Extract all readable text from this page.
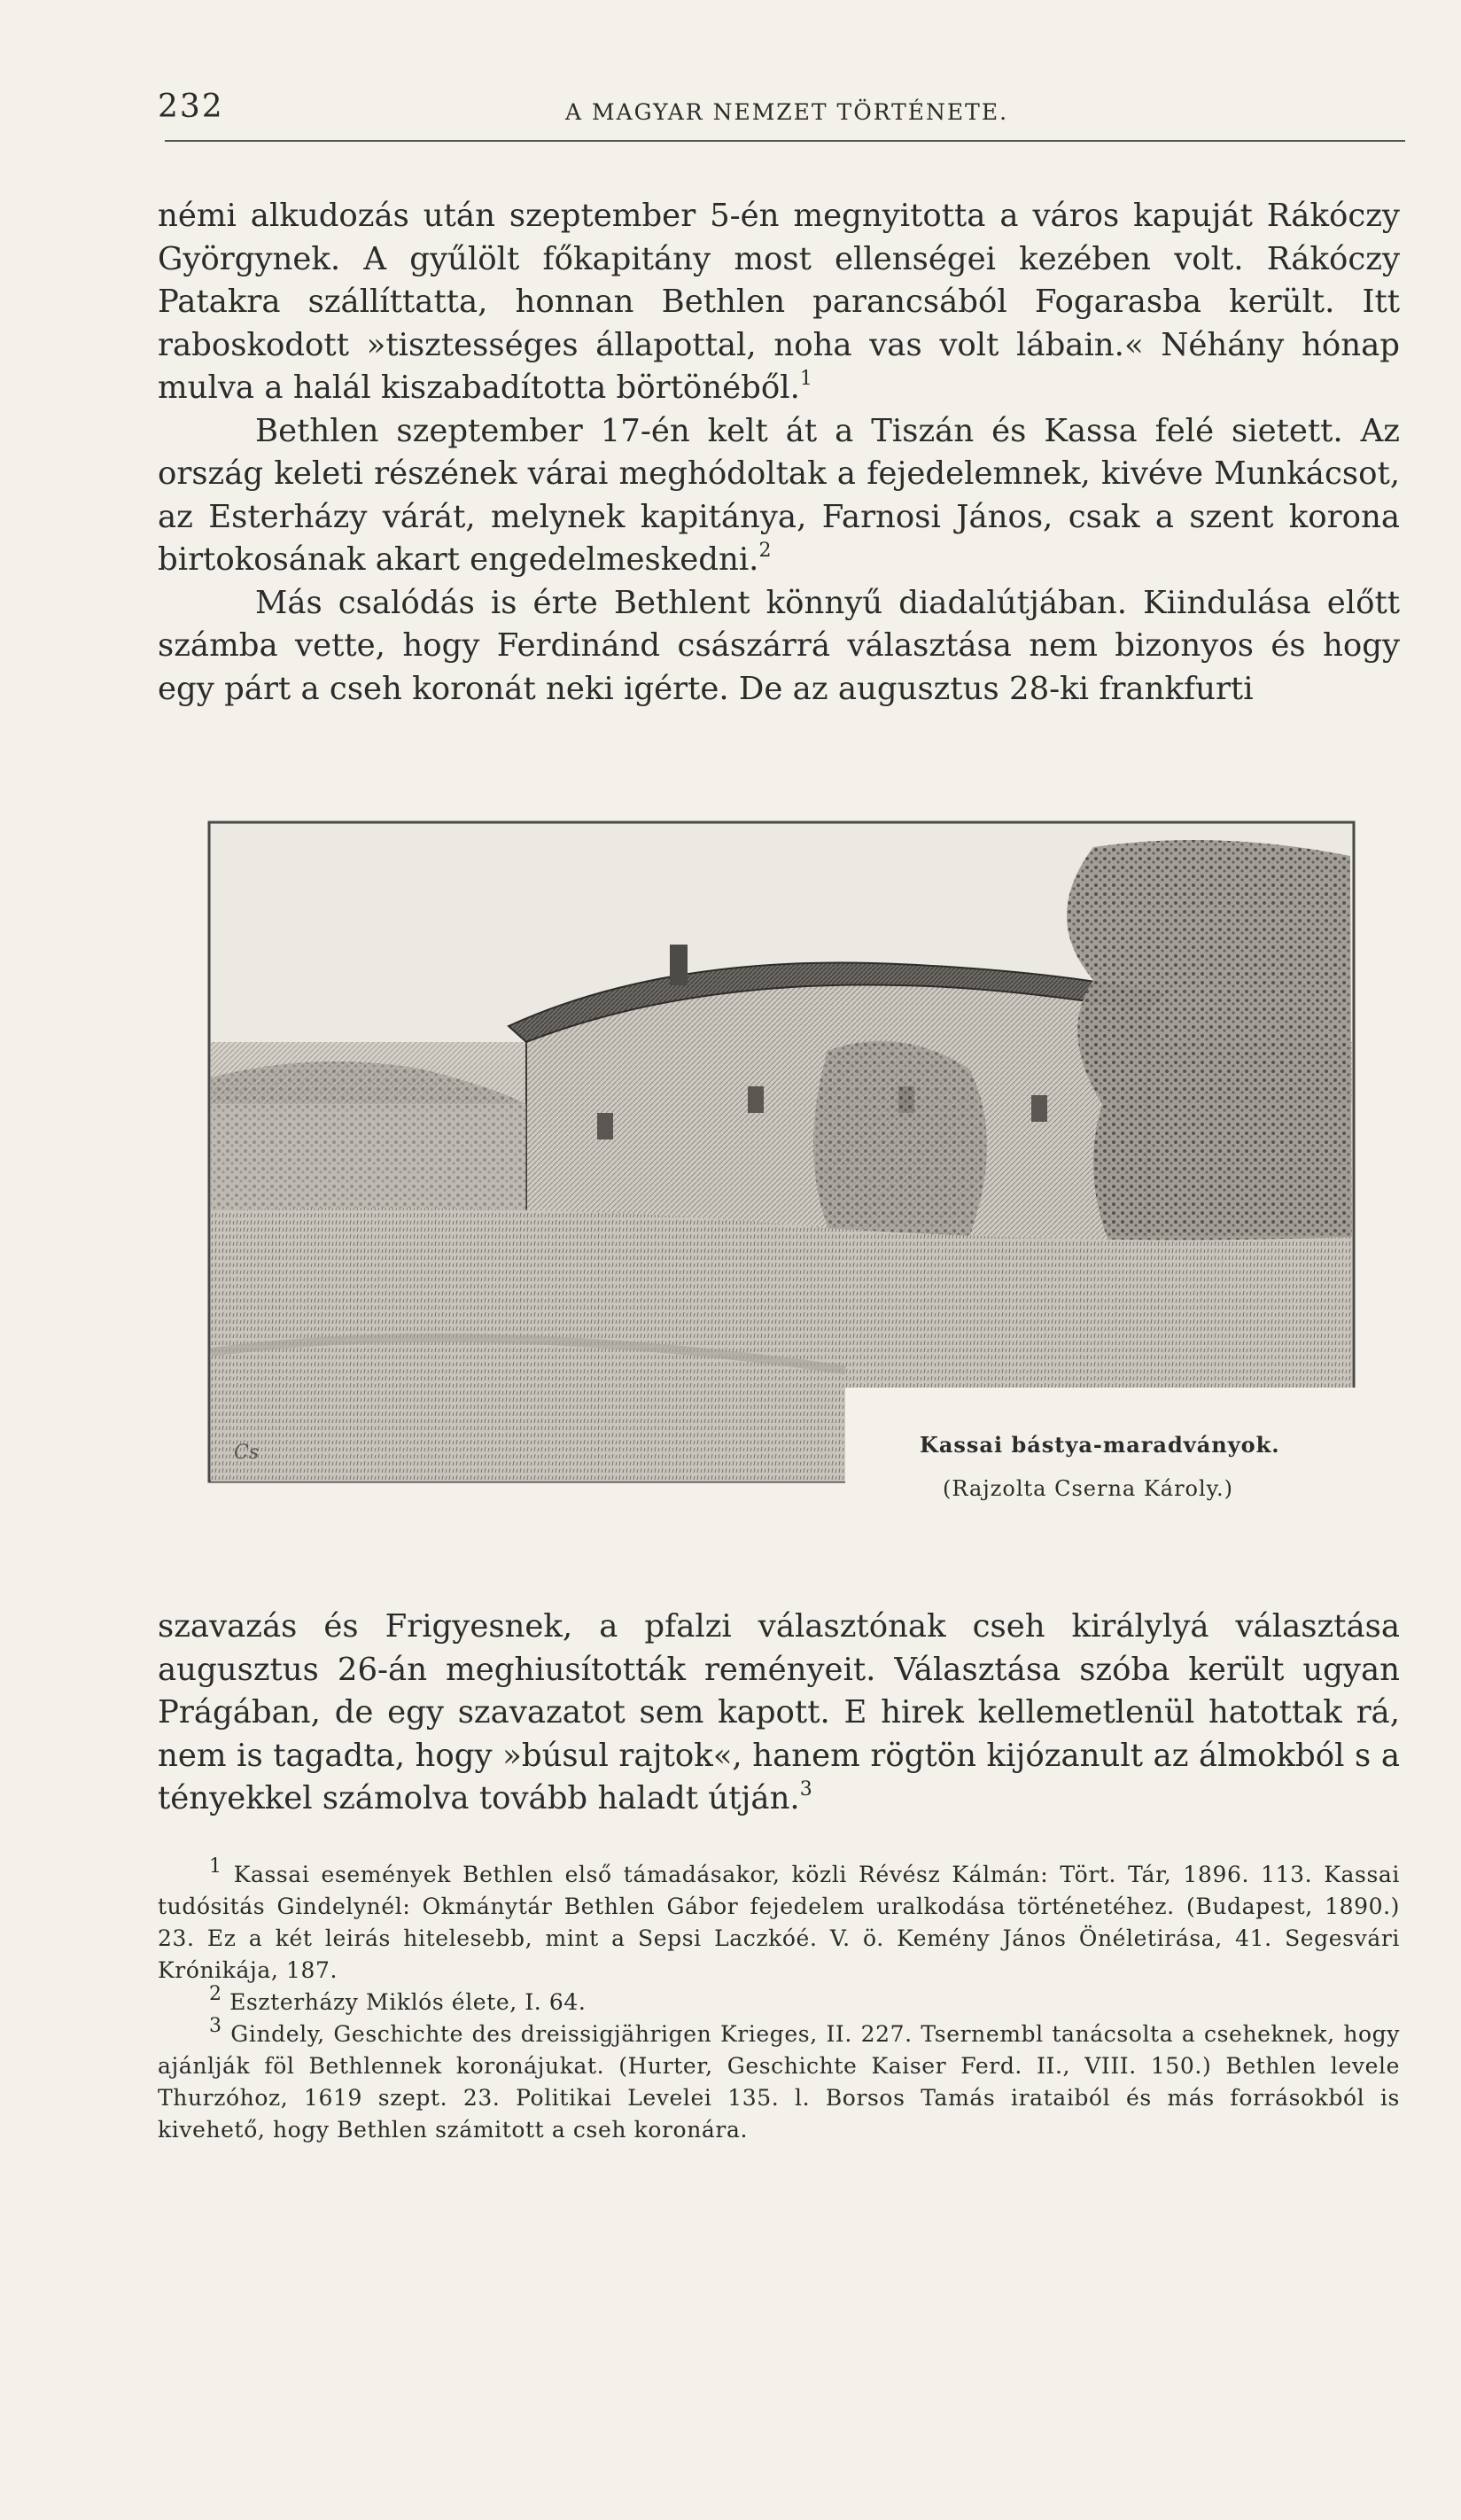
232	A MAGYAR NEMZET TÖRTÉNETE.

némi alkudozás után szeptember 5-én megnyitotta a város kapuját Rákóczy Györgynek. A gyűlölt főkapitány most ellenségei kezében volt. Rákóczy Patakra szállíttatta, honnan Bethlen parancsából Fogarasba került. Itt raboskodott »tisztességes állapottal, noha vas volt lábain.« Néhány hónap mulva a halál kiszabadította börtönéből.$^1$

Bethlen szeptember 17-én kelt át a Tiszán és Kassa felé sietett. Az ország keleti részének várai meghódoltak a fejedelemnek, kivéve Munkácsot, az Esterházy várát, melynek kapitánya, Farnosi János, csak a szent korona birtokosának akart engedelmeskedni.$^2$

Más csalódás is érte Bethlent könnyű diadalútjában. Kiindulása előtt számba vette, hogy Ferdinánd császárrá választása nem bizonyos és hogy egy párt a cseh koronát neki igérte. De az augusztus 28-ki frankfurti

Cs	Kassai bástya-maradványok.
(Rajzolta Cserna Károly.)

szavazás és Frigyesnek, a pfalzi választónak cseh királylyá választása augusztus 26-án meghiusították reményeit. Választása szóba került ugyan Prágában, de egy szavazatot sem kapott. E hirek kellemetlenül hatottak rá, nem is tagadta, hogy »búsul rajtok«, hanem rögtön kijózanult az álmokból s a tényekkel számolva tovább haladt útján.$^3$

$^1$ Kassai események Bethlen első támadásakor, közli Révész Kálmán: Tört. Tár, 1896. 113. Kassai tudósitás Gindelynél: Okmánytár Bethlen Gábor fejedelem uralkodása történetéhez. (Budapest, 1890.) 23. Ez a két leirás hitelesebb, mint a Sepsi Laczkóé. V. ö. Kemény János Önéletirása, 41. Segesvári Krónikája, 187.

$^2$ Eszterházy Miklós élete, I. 64.

$^3$ Gindely, Geschichte des dreissigjährigen Krieges, II. 227. Tsernembl tanácsolta a cseheknek, hogy ajánlják föl Bethlennek koronájukat. (Hurter, Geschichte Kaiser Ferd. II., VIII. 150.) Bethlen levele Thurzóhoz, 1619 szept. 23. Politikai Levelei 135. l. Borsos Tamás irataiból és más forrásokból is kivehető, hogy Bethlen számitott a cseh koronára.
